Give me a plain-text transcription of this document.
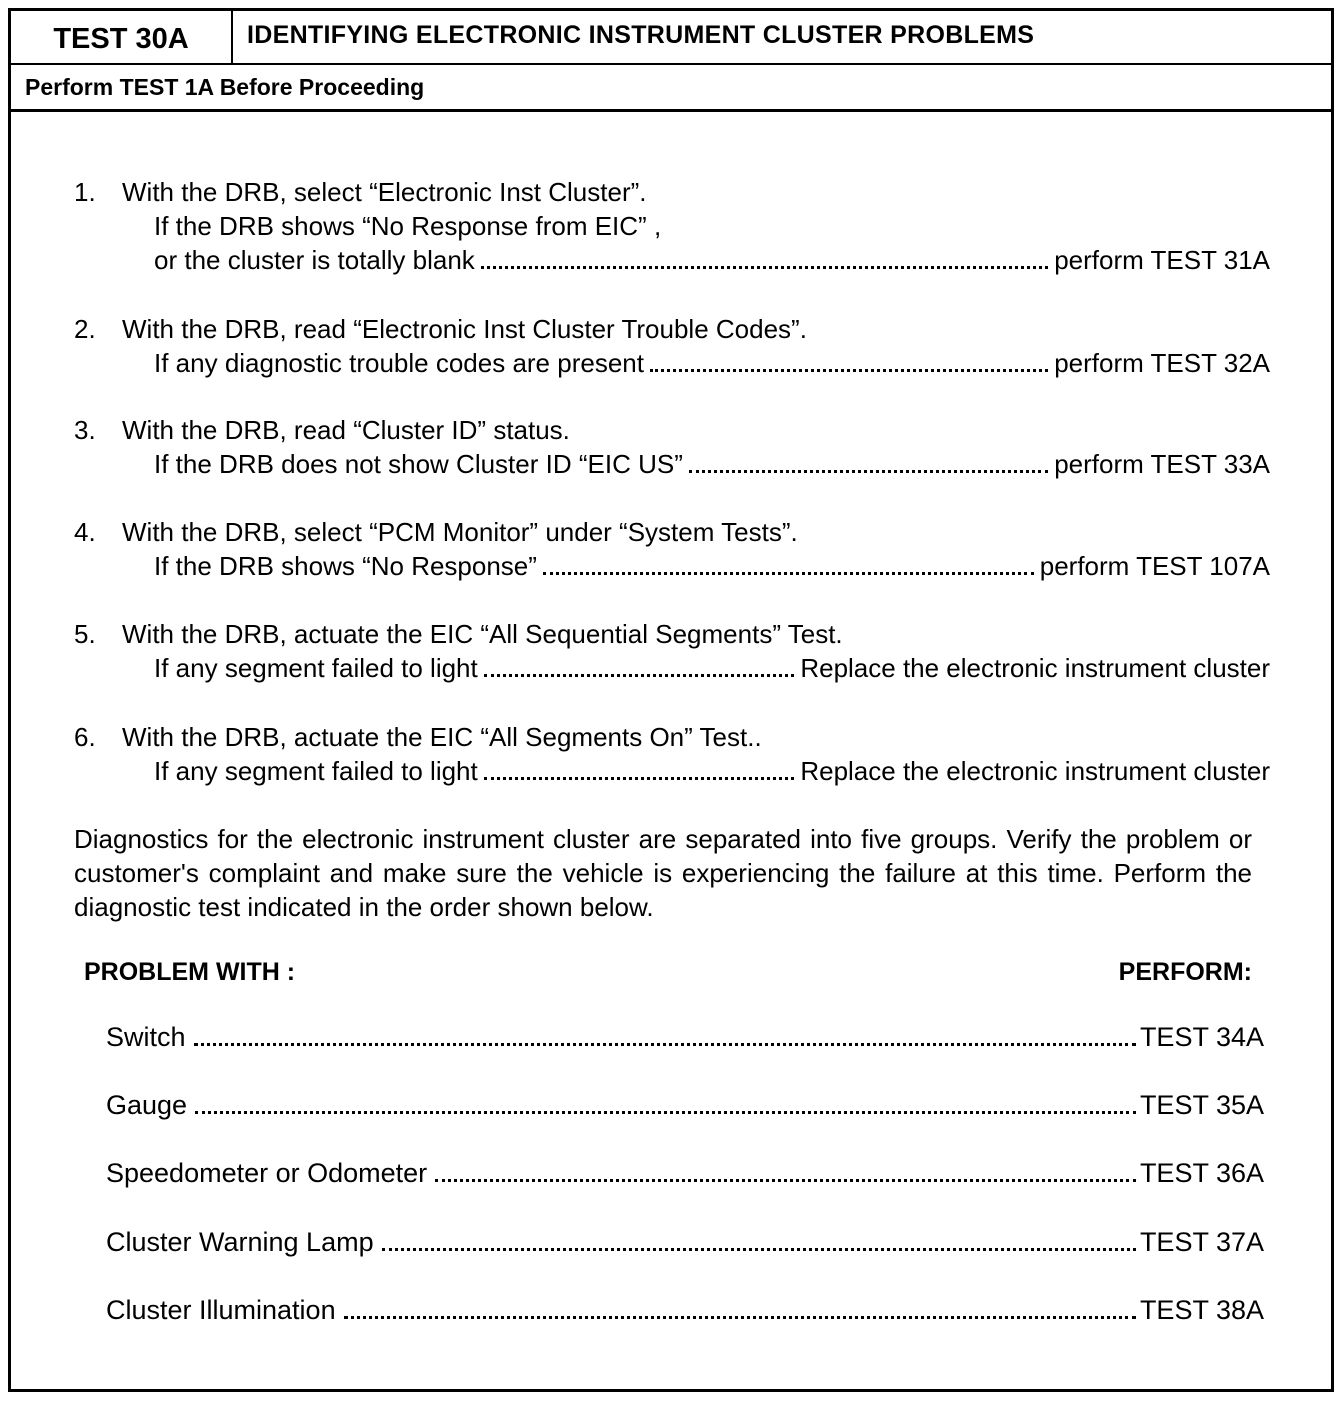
TEST 30A	IDENTIFYING ELECTRONIC INSTRUMENT CLUSTER PROBLEMS
Perform TEST 1A Before Proceeding
1.	With the DRB, select “Electronic Inst Cluster”.
If the DRB shows “No Response from EIC” ,
or the cluster is totally blank	perform TEST 31A
2.	With the DRB, read “Electronic Inst Cluster Trouble Codes”.
If any diagnostic trouble codes are present	perform TEST 32A
3.	With the DRB, read “Cluster ID” status.
If the DRB does not show Cluster ID “EIC US”	perform TEST 33A
4.	With the DRB, select “PCM Monitor” under “System Tests”.
If the DRB shows “No Response”	perform TEST 107A
5.	With the DRB, actuate the EIC “All Sequential Segments” Test.
If any segment failed to light	Replace the electronic instrument cluster
6.	With the DRB, actuate the EIC “All Segments On” Test..
If any segment failed to light	Replace the electronic instrument cluster
Diagnostics for the electronic instrument cluster are separated into five groups. Verify the problem or customer's complaint and make sure the vehicle is experiencing the failure at this time. Perform the diagnostic test indicated in the order shown below.
PROBLEM WITH :	PERFORM:
Switch	TEST 34A
Gauge	TEST 35A
Speedometer or Odometer	TEST 36A
Cluster Warning Lamp	TEST 37A
Cluster Illumination	TEST 38A
